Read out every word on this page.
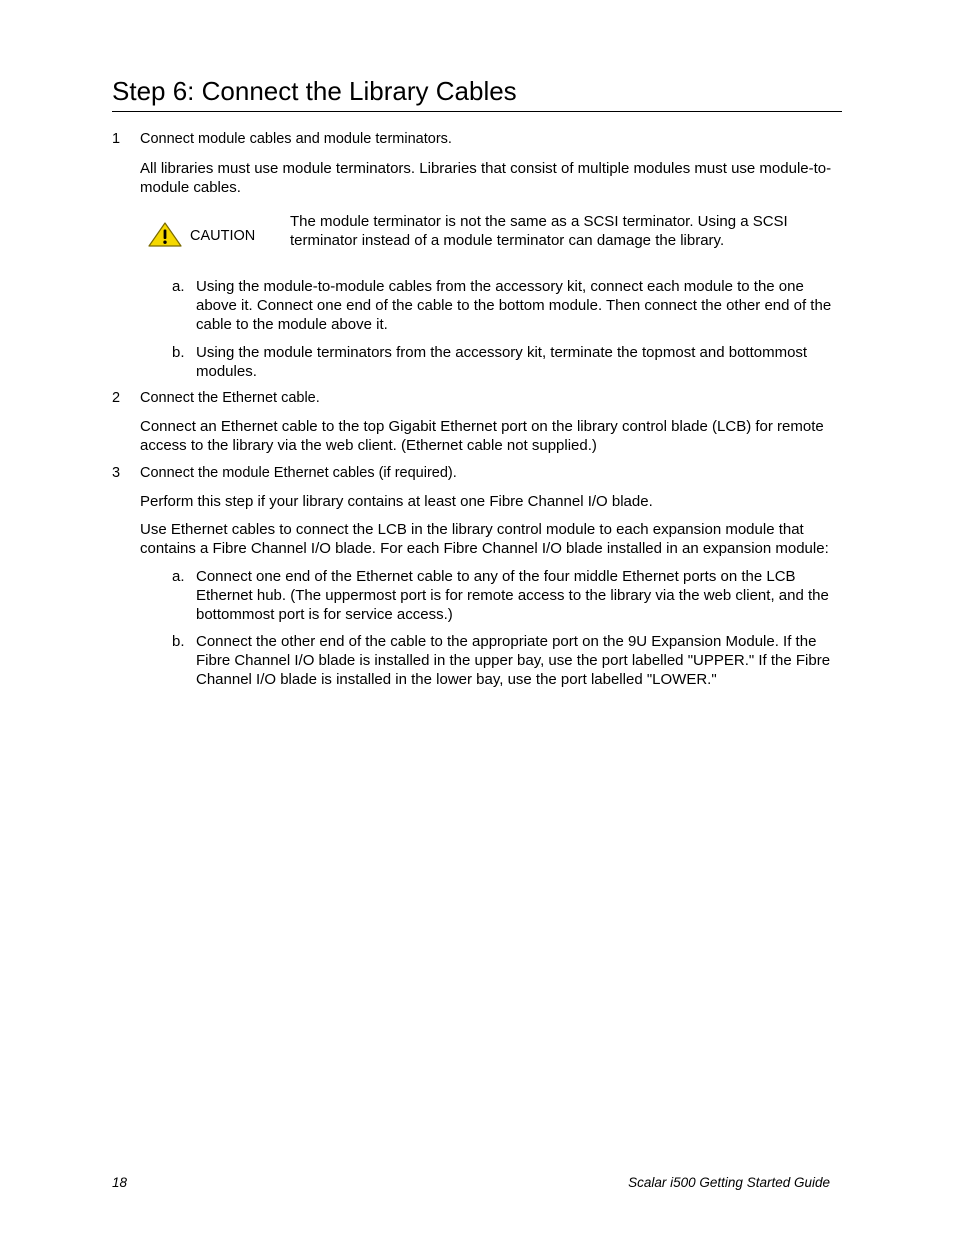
Step 6: Connect the Library Cables
1 Connect module cables and module terminators.
All libraries must use module terminators. Libraries that consist of multiple modules must use module-to-module cables.
CAUTION
The module terminator is not the same as a SCSI terminator. Using a SCSI terminator instead of a module terminator can damage the library.
a. Using the module-to-module cables from the accessory kit, connect each module to the one above it. Connect one end of the cable to the bottom module. Then connect the other end of the cable to the module above it.
b. Using the module terminators from the accessory kit, terminate the topmost and bottommost modules.
2 Connect the Ethernet cable.
Connect an Ethernet cable to the top Gigabit Ethernet port on the library control blade (LCB) for remote access to the library via the web client. (Ethernet cable not supplied.)
3 Connect the module Ethernet cables (if required).
Perform this step if your library contains at least one Fibre Channel I/O blade.
Use Ethernet cables to connect the LCB in the library control module to each expansion module that contains a Fibre Channel I/O blade. For each Fibre Channel I/O blade installed in an expansion module:
a. Connect one end of the Ethernet cable to any of the four middle Ethernet ports on the LCB Ethernet hub. (The uppermost port is for remote access to the library via the web client, and the bottommost port is for service access.)
b. Connect the other end of the cable to the appropriate port on the 9U Expansion Module. If the Fibre Channel I/O blade is installed in the upper bay, use the port labelled "UPPER." If the Fibre Channel I/O blade is installed in the lower bay, use the port labelled "LOWER."
18	Scalar i500 Getting Started Guide
